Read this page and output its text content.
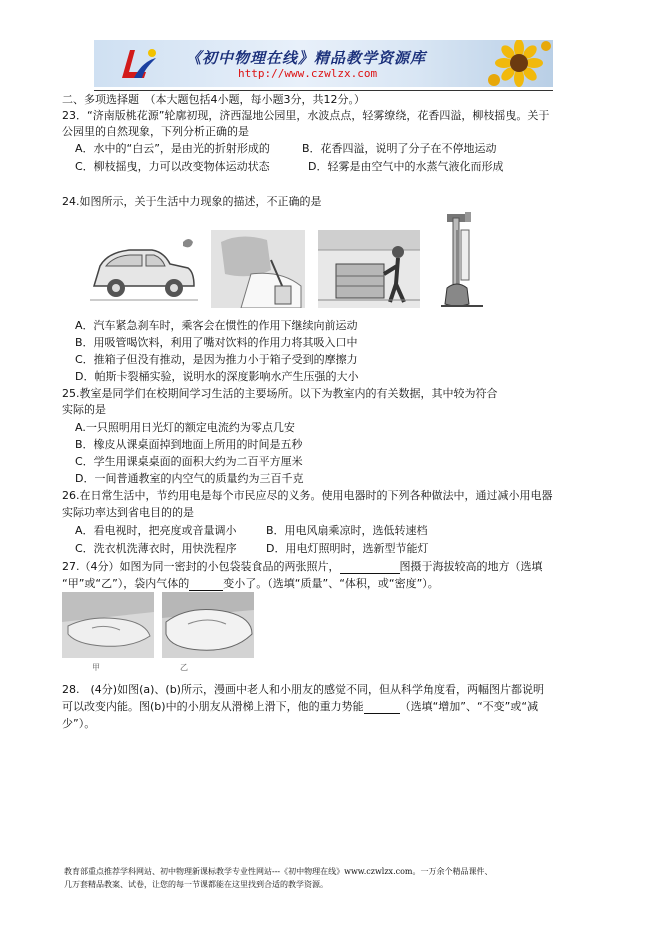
《初中物理在线》精品教学资源库
http://www.czwlzx.com
二、多项选择题　（本大题包括4小题，每小题3分，共12分。）
23．“济南版桃花源”轮廓初现，济西湿地公园里，水波点点，轻雾缭绕，花香四溢，柳枝摇曳。关于
公园里的自然现象，下列分析正确的是
A．水中的“白云”，是由光的折射形成的	B．花香四溢，说明了分子在不停地运动
C．柳枝摇曳，力可以改变物体运动状态	D．轻雾是由空气中的水蒸气液化而形成
24.如图所示，关于生活中力现象的描述，不正确的是
A．汽车紧急刹车时，乘客会在惯性的作用下继续向前运动
B．用吸管喝饮料，利用了嘴对饮料的作用力将其吸入口中
C．推箱子但没有推动，是因为推力小于箱子受到的摩擦力
D．帕斯卡裂桶实验，说明水的深度影响水产生压强的大小
25.教室是同学们在校期间学习生活的主要场所。以下为教室内的有关数据，其中较为符合
实际的是
A.一只照明用日光灯的额定电流约为零点几安
B．橡皮从课桌面掉到地面上所用的时间是五秒
C．学生用课桌桌面的面积大约为二百平方厘米
D．一间普通教室的内空气的质量约为三百千克
26.在日常生活中，节约用电是每个市民应尽的义务。使用电器时的下列各种做法中，通过减小用电器
实际功率达到省电目的的是
A．看电视时，把亮度或音量调小	B．用电风扇乘凉时，选低转速档
C．洗衣机洗薄衣时，用快洗程序	D．用电灯照明时，选新型节能灯
27.（4分）如图为同一密封的小包袋装食品的两张照片，	图摄于海拔较高的地方（选填
“甲”或“乙”），袋内气体的	变小了。（选填“质量”、“体积，或“密度”）。
甲	乙
28.　(4分)如图(a)、(b)所示，漫画中老人和小朋友的感觉不同，但从科学角度看，两幅图片都说明
可以改变内能。图(b)中的小朋友从滑梯上滑下，他的重力势能	（选填“增加”、“不变”或“减
少”）。
教育部重点推荐学科网站、初中物理新课标教学专业性网站---《初中物理在线》www.czwlzx.com。一万余个精品课件、
几万套精品教案、试卷，让您的每一节课都能在这里找到合适的教学资源。
